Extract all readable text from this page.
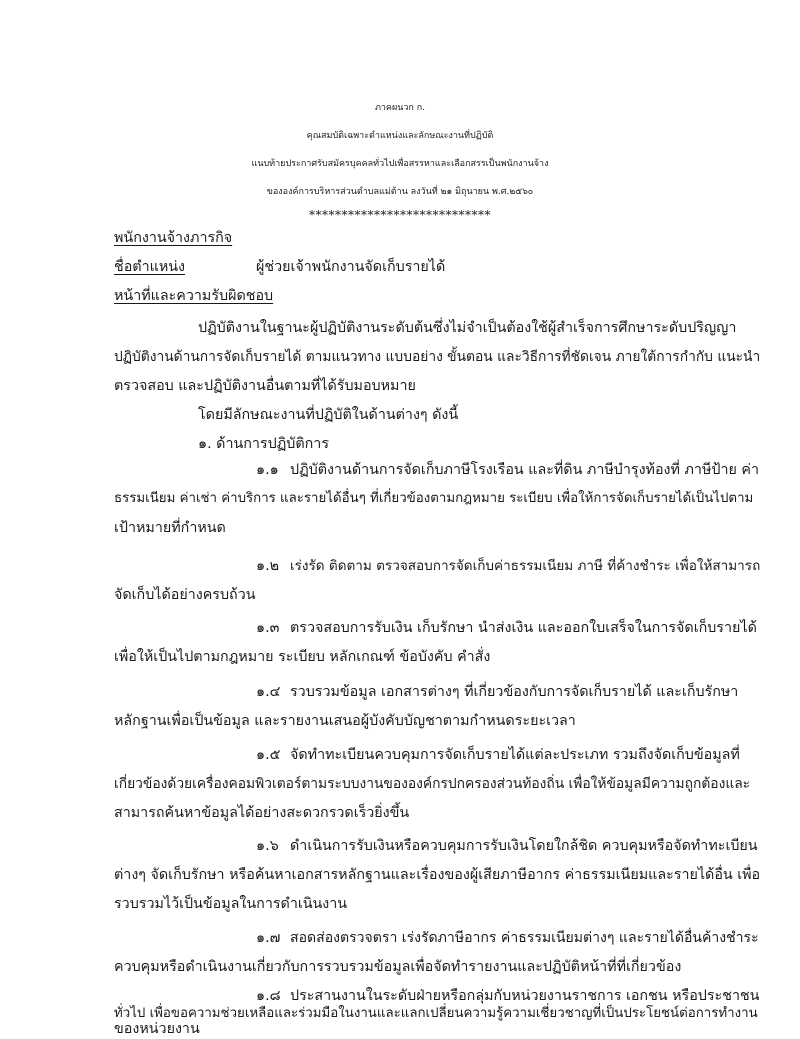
ภาคผนวก ก.
คุณสมบัติเฉพาะตำแหน่งและลักษณะงานที่ปฏิบัติ
แนบท้ายประกาศรับสมัครบุคคลทั่วไปเพื่อสรรหาและเลือกสรรเป็นพนักงานจ้าง
ขององค์การบริหารส่วนตำบลแม่ต้าน ลงวันที่ ๒๑ มิถุนายน พ.ศ.๒๕๖๐
****************************
พนักงานจ้างภารกิจ
ชื่อตำแหน่ง	ผู้ช่วยเจ้าพนักงานจัดเก็บรายได้
หน้าที่และความรับผิดชอบ
ปฏิบัติงานในฐานะผู้ปฏิบัติงานระดับต้นซึ่งไม่จำเป็นต้องใช้ผู้สำเร็จการศึกษาระดับปริญญา
ปฏิบัติงานด้านการจัดเก็บรายได้ ตามแนวทาง แบบอย่าง ขั้นตอน และวิธีการที่ชัดเจน ภายใต้การกำกับ แนะนำ
ตรวจสอบ และปฏิบัติงานอื่นตามที่ได้รับมอบหมาย
โดยมีลักษณะงานที่ปฏิบัติในด้านต่างๆ ดังนี้
๑. ด้านการปฏิบัติการ
๑.๑ ปฏิบัติงานด้านการจัดเก็บภาษีโรงเรือน และที่ดิน ภาษีบำรุงท้องที่ ภาษีป้าย ค่า
ธรรมเนียม ค่าเช่า ค่าบริการ และรายได้อื่นๆ ที่เกี่ยวข้องตามกฎหมาย ระเบียบ เพื่อให้การจัดเก็บรายได้เป็นไปตาม
เป้าหมายที่กำหนด
๑.๒ เร่งรัด ติดตาม ตรวจสอบการจัดเก็บค่าธรรมเนียม ภาษี ที่ค้างชำระ เพื่อให้สามารถ
จัดเก็บได้อย่างครบถ้วน
๑.๓ ตรวจสอบการรับเงิน เก็บรักษา นำส่งเงิน และออกใบเสร็จในการจัดเก็บรายได้
เพื่อให้เป็นไปตามกฎหมาย ระเบียบ หลักเกณฑ์ ข้อบังคับ คำสั่ง
๑.๔ รวบรวมข้อมูล เอกสารต่างๆ ที่เกี่ยวข้องกับการจัดเก็บรายได้ และเก็บรักษา
หลักฐานเพื่อเป็นข้อมูล และรายงานเสนอผู้บังคับบัญชาตามกำหนดระยะเวลา
๑.๕ จัดทำทะเบียนควบคุมการจัดเก็บรายได้แต่ละประเภท รวมถึงจัดเก็บข้อมูลที่
เกี่ยวข้องด้วยเครื่องคอมพิวเตอร์ตามระบบงานขององค์กรปกครองส่วนท้องถิ่น เพื่อให้ข้อมูลมีความถูกต้องและ
สามารถค้นหาข้อมูลได้อย่างสะดวกรวดเร็วยิ่งขึ้น
๑.๖ ดำเนินการรับเงินหรือควบคุมการรับเงินโดยใกล้ชิด ควบคุมหรือจัดทำทะเบียน
ต่างๆ จัดเก็บรักษา หรือค้นหาเอกสารหลักฐานและเรื่องของผู้เสียภาษีอากร ค่าธรรมเนียมและรายได้อื่น เพื่อ
รวบรวมไว้เป็นข้อมูลในการดำเนินงาน
๑.๗ สอดส่องตรวจตรา เร่งรัดภาษีอากร ค่าธรรมเนียมต่างๆ และรายได้อื่นค้างชำระ
ควบคุมหรือดำเนินงานเกี่ยวกับการรวบรวมข้อมูลเพื่อจัดทำรายงานและปฏิบัติหน้าที่ที่เกี่ยวข้อง
๑.๘ ประสานงานในระดับฝ่ายหรือกลุ่มกับหน่วยงานราชการ เอกชน หรือประชาชน
ทั่วไป เพื่อขอความช่วยเหลือและร่วมมือในงานและแลกเปลี่ยนความรู้ความเชี่ยวชาญที่เป็นประโยชน์ต่อการทำงาน
ของหน่วยงาน
